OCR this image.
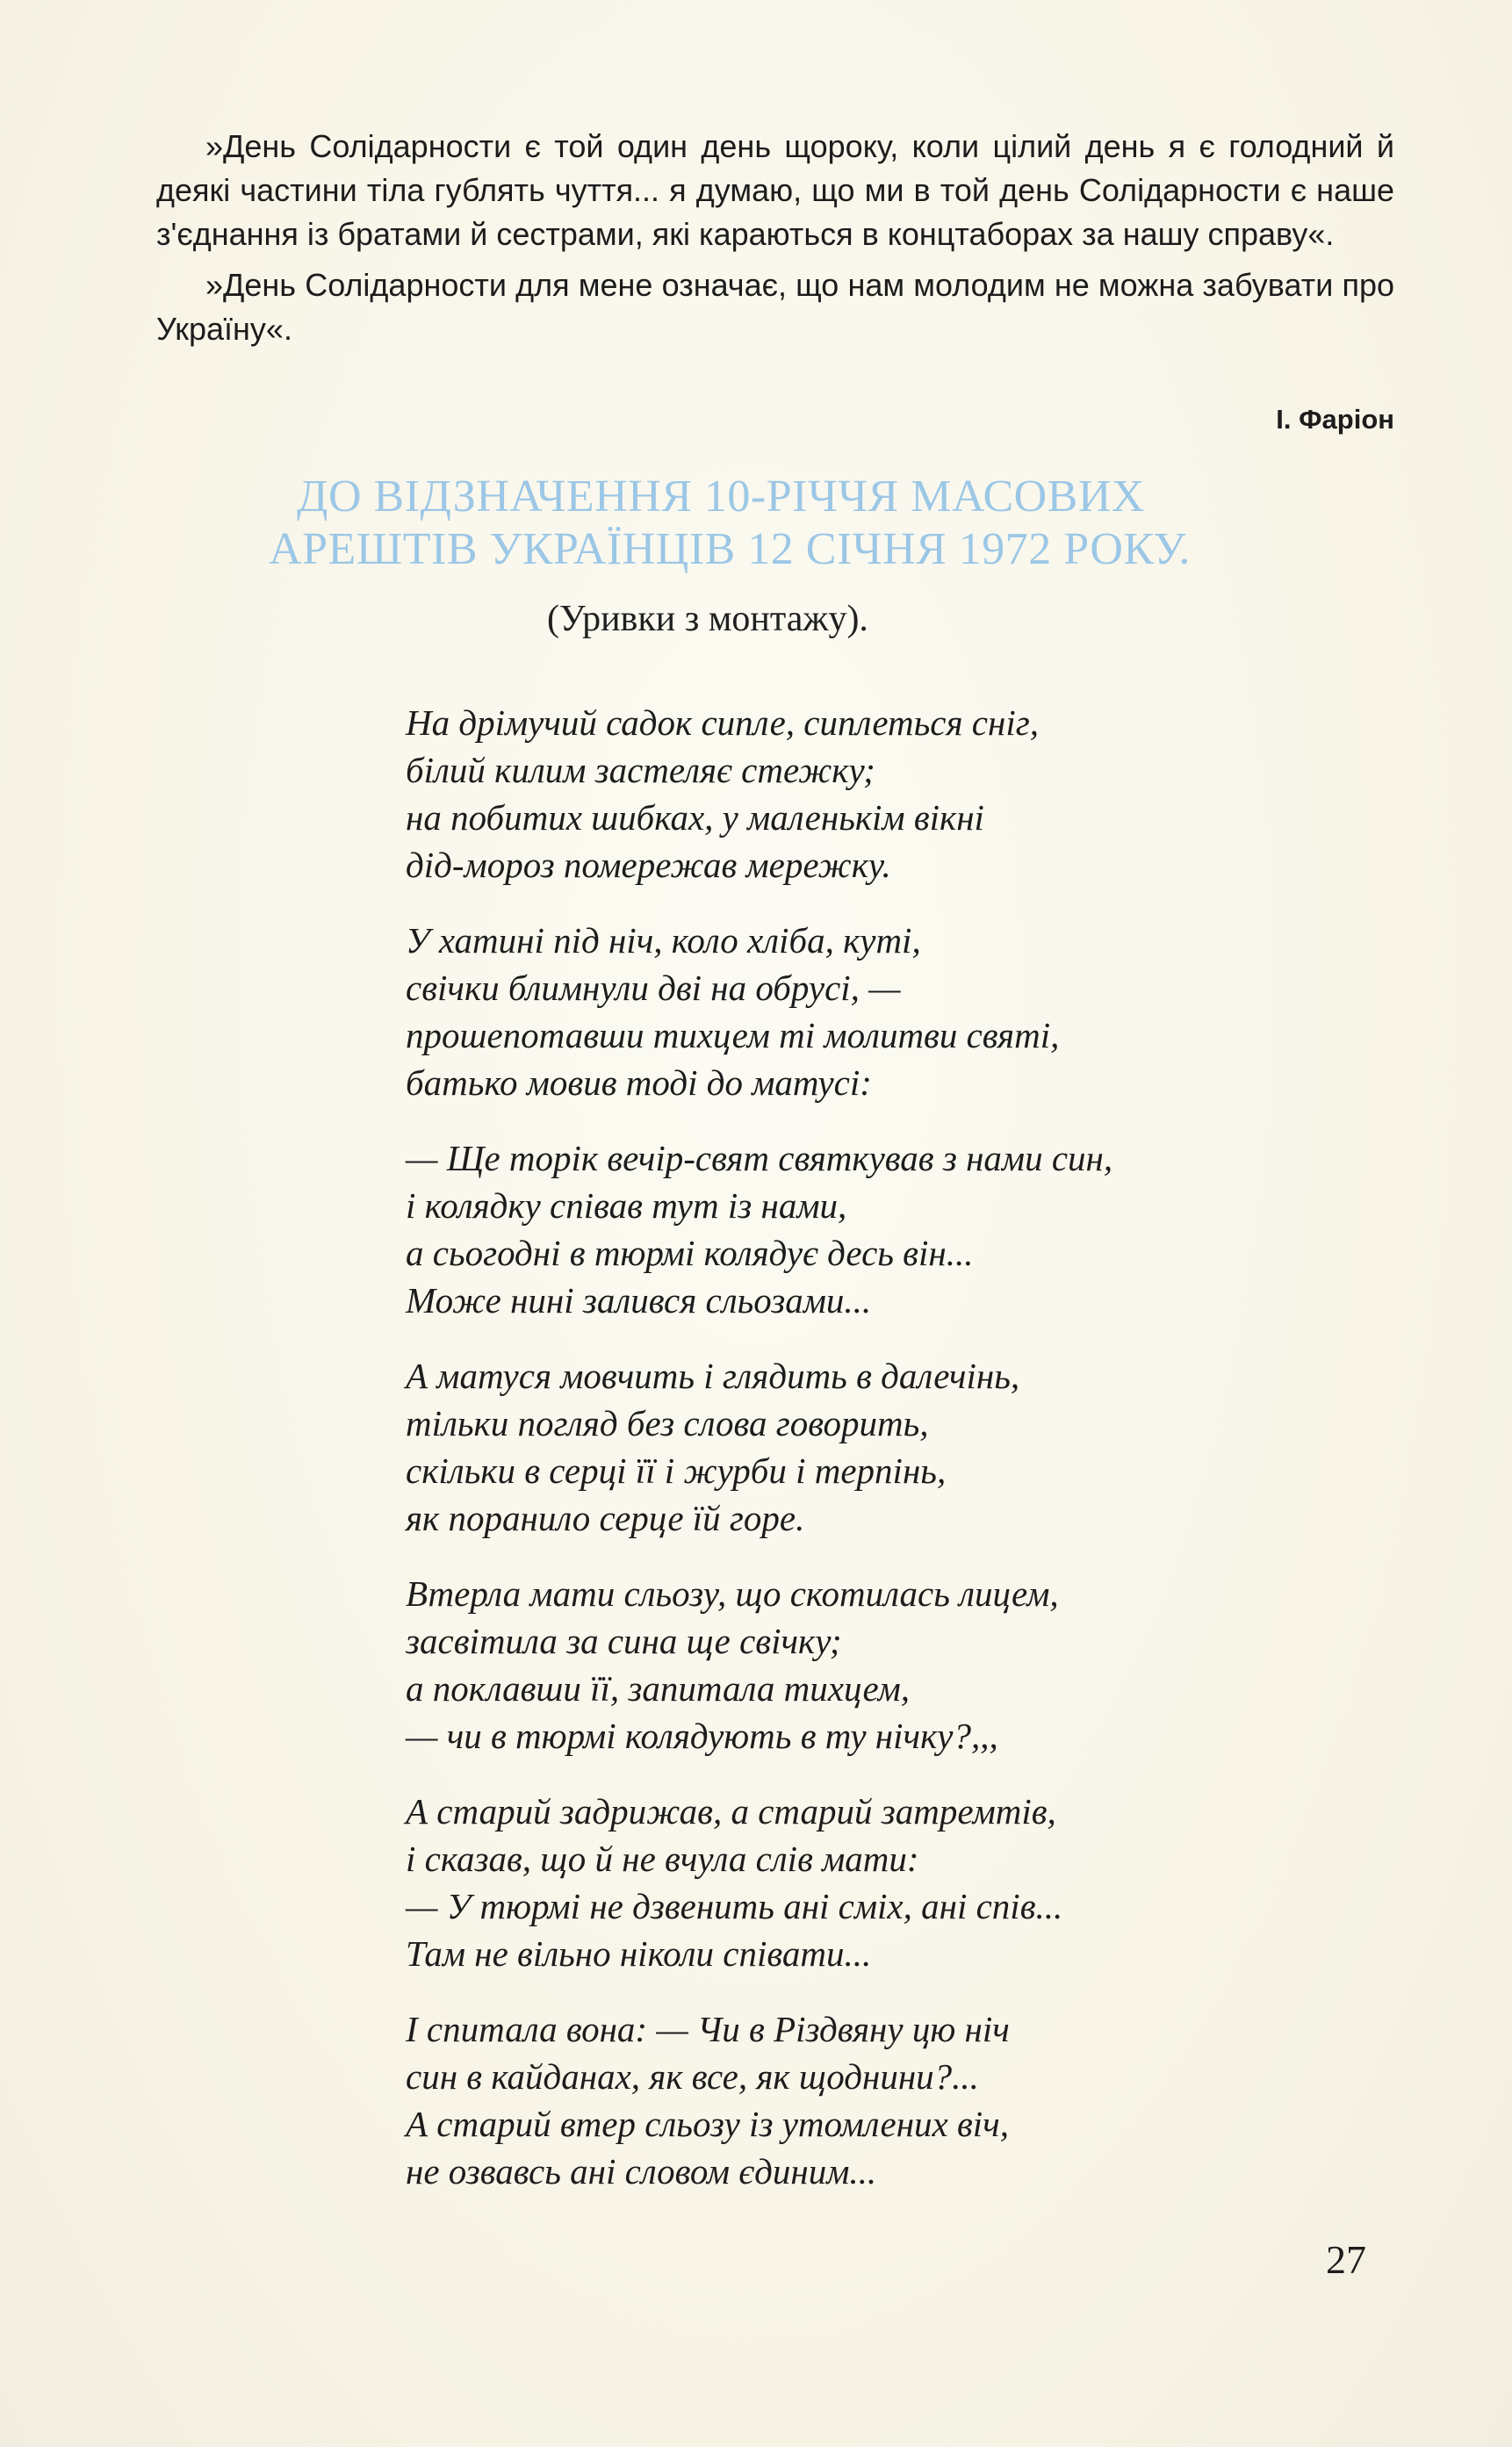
»День Солідарности є той один день щороку, коли цілий день я є голодний й деякі частини тіла гублять чуття... я думаю, що ми в той день Солідарности є наше з'єднання із братами й сестрами, які караються в концтаборах за нашу справу«.

»День Солідарности для мене означає, що нам молодим не можна забувати про Україну«.

І. Фаріон
ДО ВІДЗНАЧЕННЯ 10-РІЧЧЯ МАСОВИХ
АРЕШТІВ УКРАЇНЦІВ 12 СІЧНЯ 1972 РОКУ.
(Уривки з монтажу).
На дрімучий садок сипле, сиплеться сніг,
білий килим застеляє стежку;
на побитих шибках, у маленькім вікні
дід-мороз помережав мережку.
У хатині під ніч, коло хліба, куті,
свічки блимнули дві на обрусі, —
прошепотавши тихцем ті молитви святі,
батько мовив тоді до матусі:
— Ще торік вечір-свят святкував з нами син,
і колядку співав тут із нами,
а сьогодні в тюрмі колядує десь він...
Може нині залився сльозами...
А матуся мовчить і глядить в далечінь,
тільки погляд без слова говорить,
скільки в серці її і журби і терпінь,
як поранило серце їй горе.
Втерла мати сльозу, що скотилась лицем,
засвітила за сина ще свічку;
а поклавши її, запитала тихцем,
— чи в тюрмі колядують в ту нічку?,,,
А старий задрижав, а старий затремтів,
і сказав, що й не вчула слів мати:
— У тюрмі не дзвенить ані сміх, ані спів...
Там не вільно ніколи співати...
І спитала вона: — Чи в Різдвяну цю ніч
син в кайданах, як все, як щоднини?...
А старий втер сльозу із утомлених віч,
не озвавсь ані словом єдиним...
27
